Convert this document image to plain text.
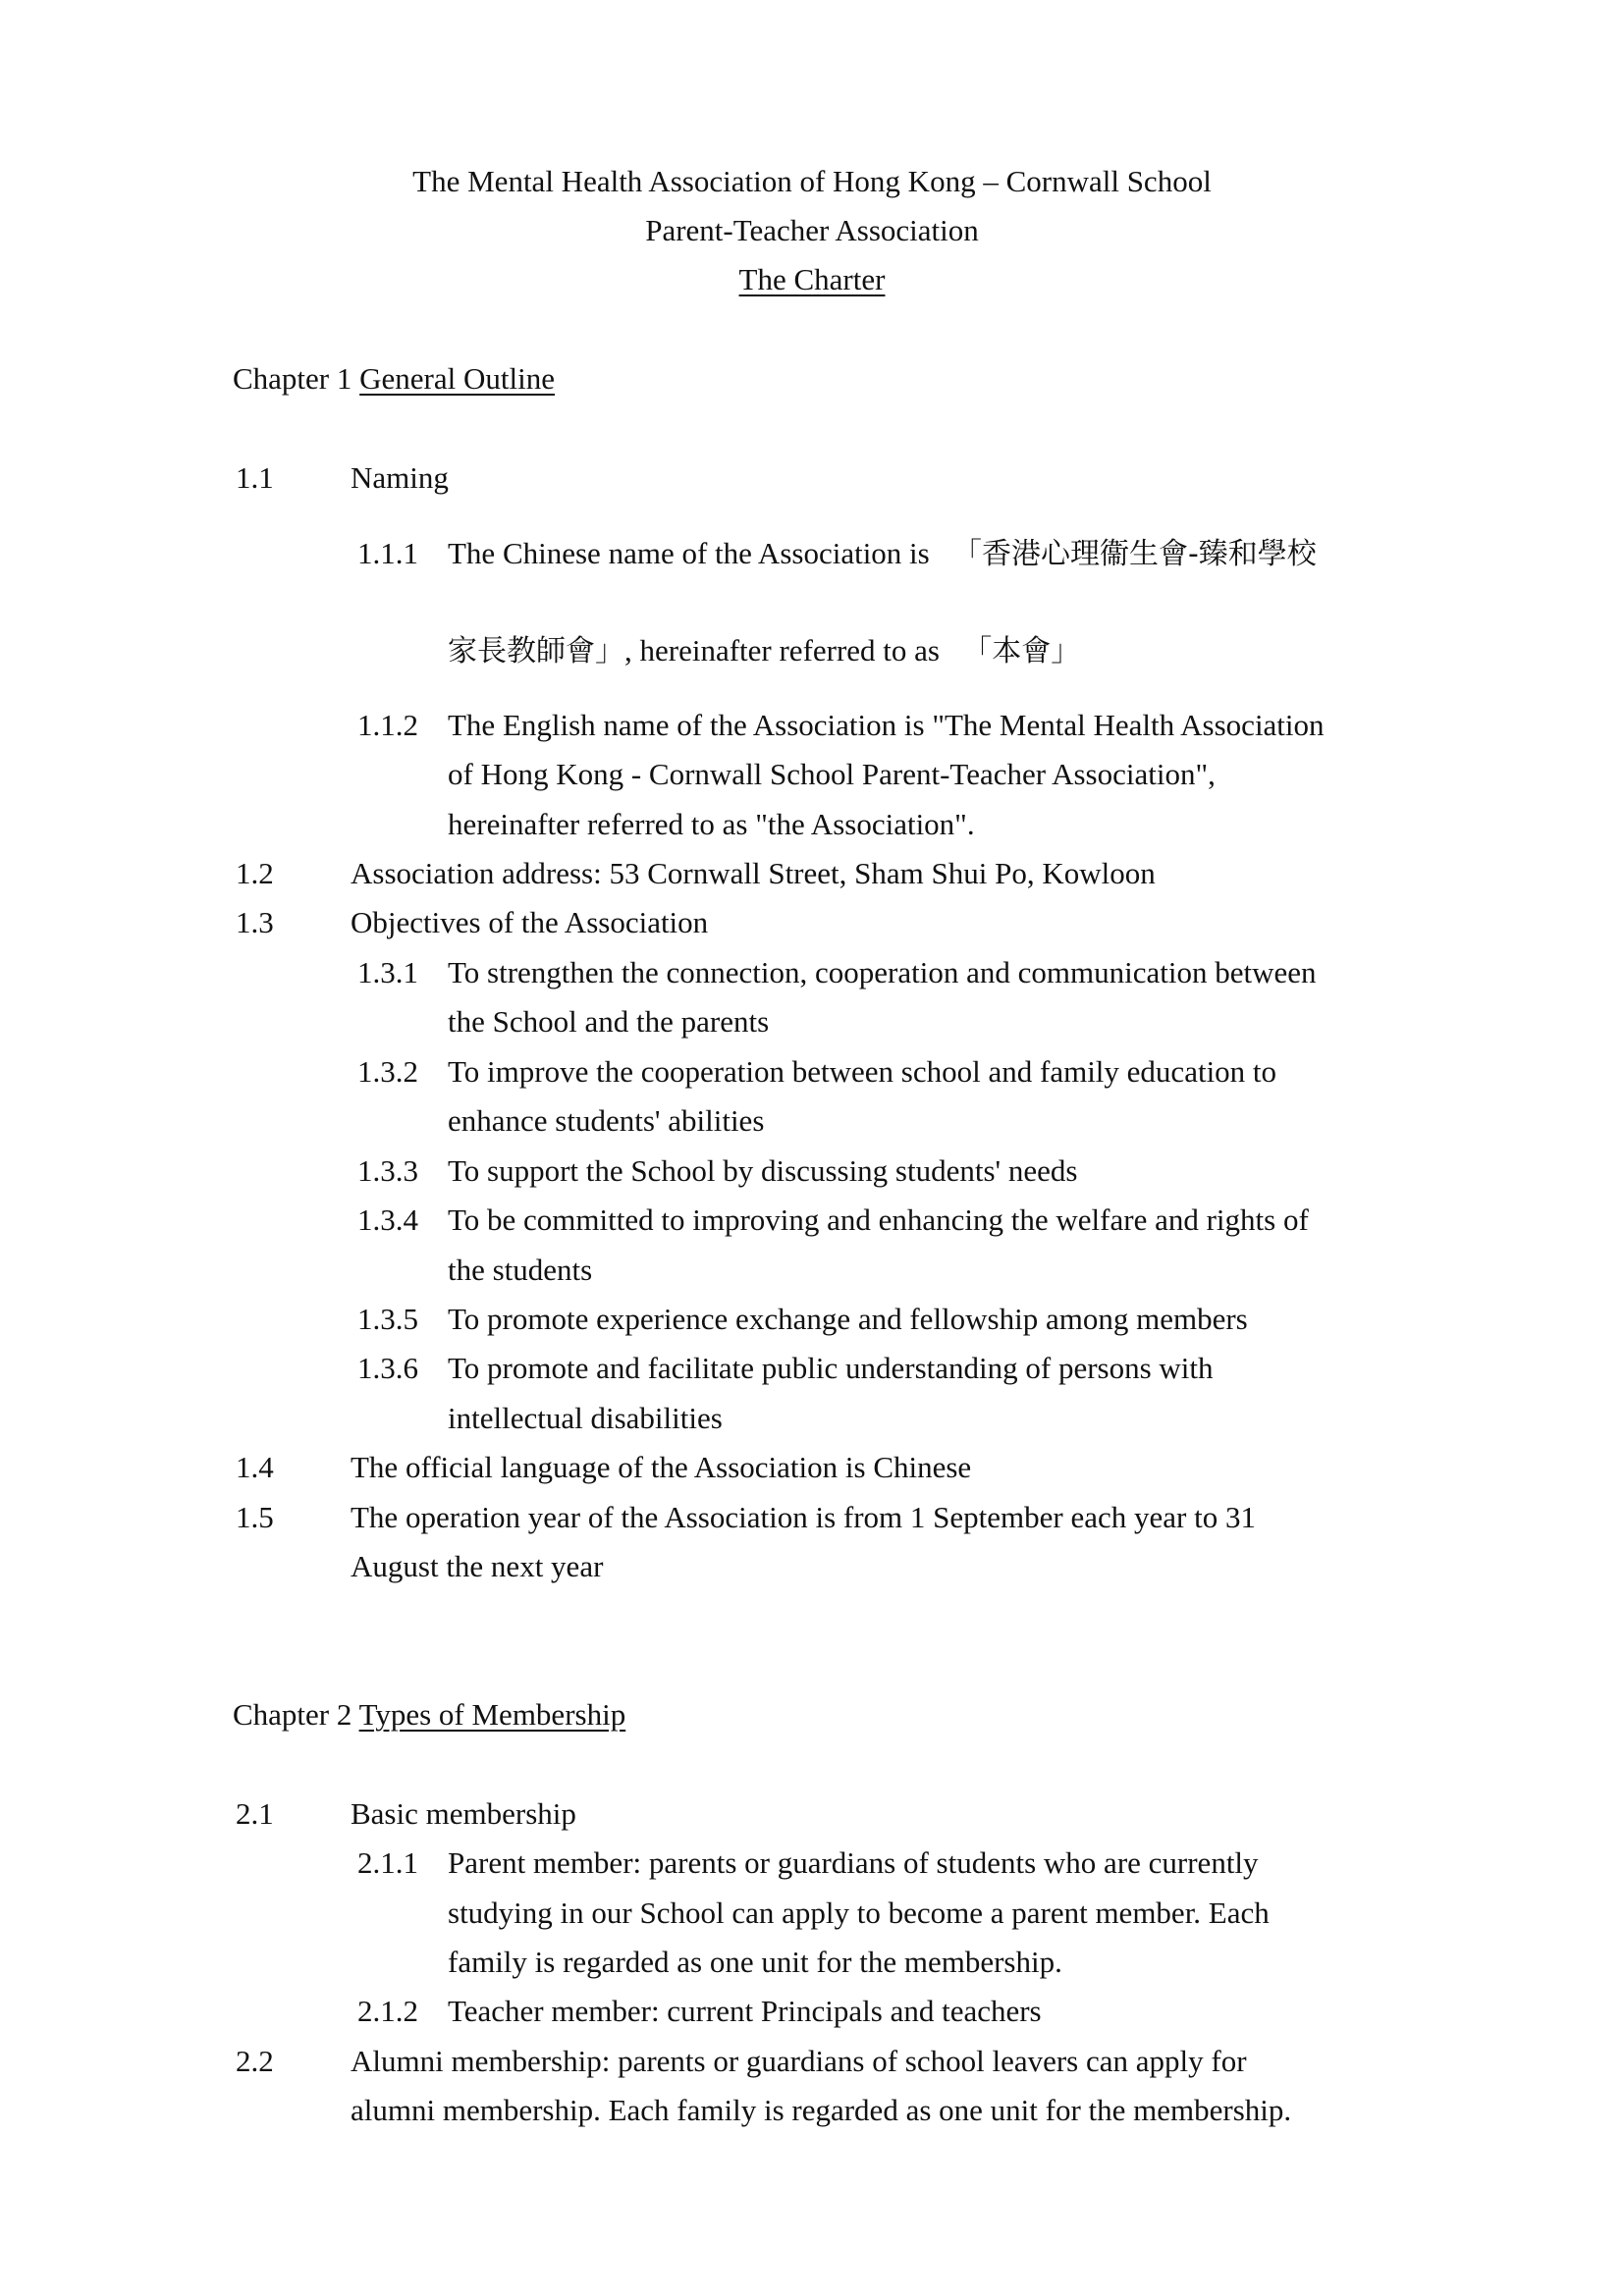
The Mental Health Association of Hong Kong – Cornwall School
Parent-Teacher Association
The Charter
Chapter 1 General Outline
1.1	Naming
1.1.1 The Chinese name of the Association is 「香港心理衞生會-臻和學校
家長教師會」, hereinafter referred to as 「本會」
1.1.2 The English name of the Association is "The Mental Health Association
of Hong Kong - Cornwall School Parent-Teacher Association",
hereinafter referred to as "the Association".
1.2	Association address: 53 Cornwall Street, Sham Shui Po, Kowloon
1.3	Objectives of the Association
1.3.1 To strengthen the connection, cooperation and communication between
the School and the parents
1.3.2 To improve the cooperation between school and family education to
enhance students' abilities
1.3.3 To support the School by discussing students' needs
1.3.4 To be committed to improving and enhancing the welfare and rights of
the students
1.3.5 To promote experience exchange and fellowship among members
1.3.6 To promote and facilitate public understanding of persons with
intellectual disabilities
1.4	The official language of the Association is Chinese
1.5	The operation year of the Association is from 1 September each year to 31
August the next year
Chapter 2 Types of Membership
2.1	Basic membership
2.1.1 Parent member: parents or guardians of students who are currently
studying in our School can apply to become a parent member. Each
family is regarded as one unit for the membership.
2.1.2 Teacher member: current Principals and teachers
2.2	Alumni membership: parents or guardians of school leavers can apply for
alumni membership. Each family is regarded as one unit for the membership.
